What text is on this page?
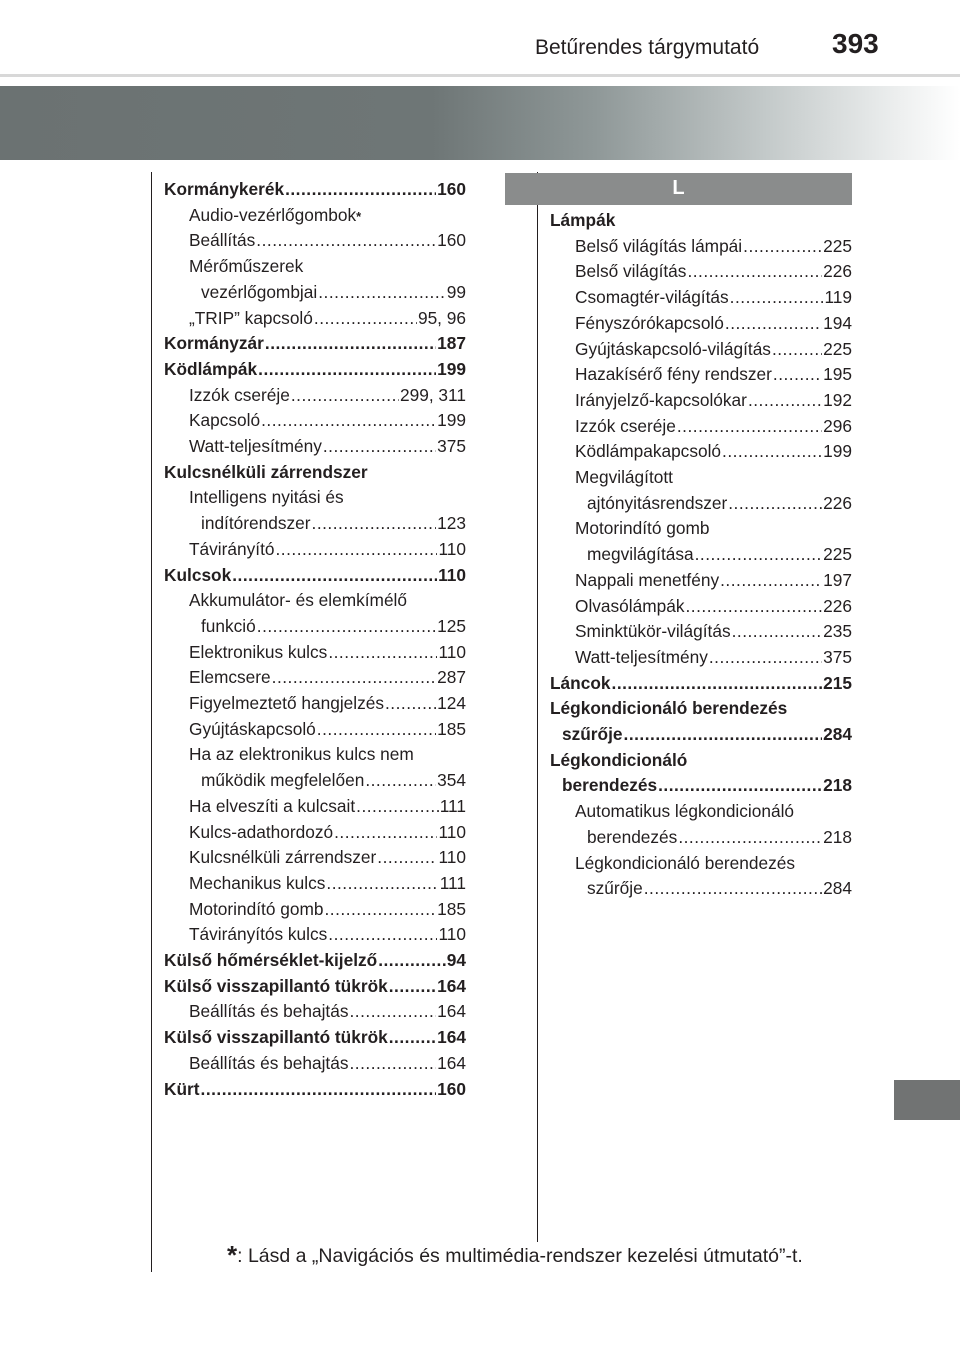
Betűrendes tárgymutató	393
L
Kormánykerék .....	160
Audio-vezérlőgombok *
Beállítás .....	160
Mérőműszerek
vezérlőgombjai .....	99
„TRIP” kapcsoló .....	95, 96
Kormányzár .....	187
Ködlámpák .....	199
Izzók cseréje .....	299, 311
Kapcsoló .....	199
Watt-teljesítmény .....	375
Kulcsnélküli zárrendszer
Intelligens nyitási és
indítórendszer .....	123
Távirányító .....	110
Kulcsok .....	110
Akkumulátor- és elemkímélő
funkció .....	125
Elektronikus kulcs .....	110
Elemcsere .....	287
Figyelmeztető hangjelzés .....	124
Gyújtáskapcsoló .....	185
Ha az elektronikus kulcs nem
működik megfelelően .....	354
Ha elveszíti a kulcsait .....	111
Kulcs-adathordozó .....	110
Kulcsnélküli zárrendszer .....	110
Mechanikus kulcs .....	111
Motorindító gomb .....	185
Távirányítós kulcs .....	110
Külső hőmérséklet-kijelző .....	94
Külső visszapillantó tükrök .....	164
Beállítás és behajtás .....	164
Külső visszapillantó tükrök .....	164
Beállítás és behajtás .....	164
Kürt .....	160
Lámpák
Belső világítás lámpái .....	225
Belső világítás .....	226
Csomagtér-világítás .....	119
Fényszórókapcsoló .....	194
Gyújtáskapcsoló-világítás .....	225
Hazakísérő fény rendszer .....	195
Irányjelző-kapcsolókar .....	192
Izzók cseréje .....	296
Ködlámpakapcsoló .....	199
Megvilágított
ajtónyitásrendszer .....	226
Motorindító gomb
megvilágítása .....	225
Nappali menetfény .....	197
Olvasólámpák .....	226
Sminktükör-világítás .....	235
Watt-teljesítmény .....	375
Láncok .....	215
Légkondicionáló berendezés
szűrője .....	284
Légkondicionáló
berendezés .....	218
Automatikus légkondicionáló
berendezés .....	218
Légkondicionáló berendezés
szűrője .....	284
*: Lásd a „Navigációs és multimédia-rendszer kezelési útmutató”-t.
